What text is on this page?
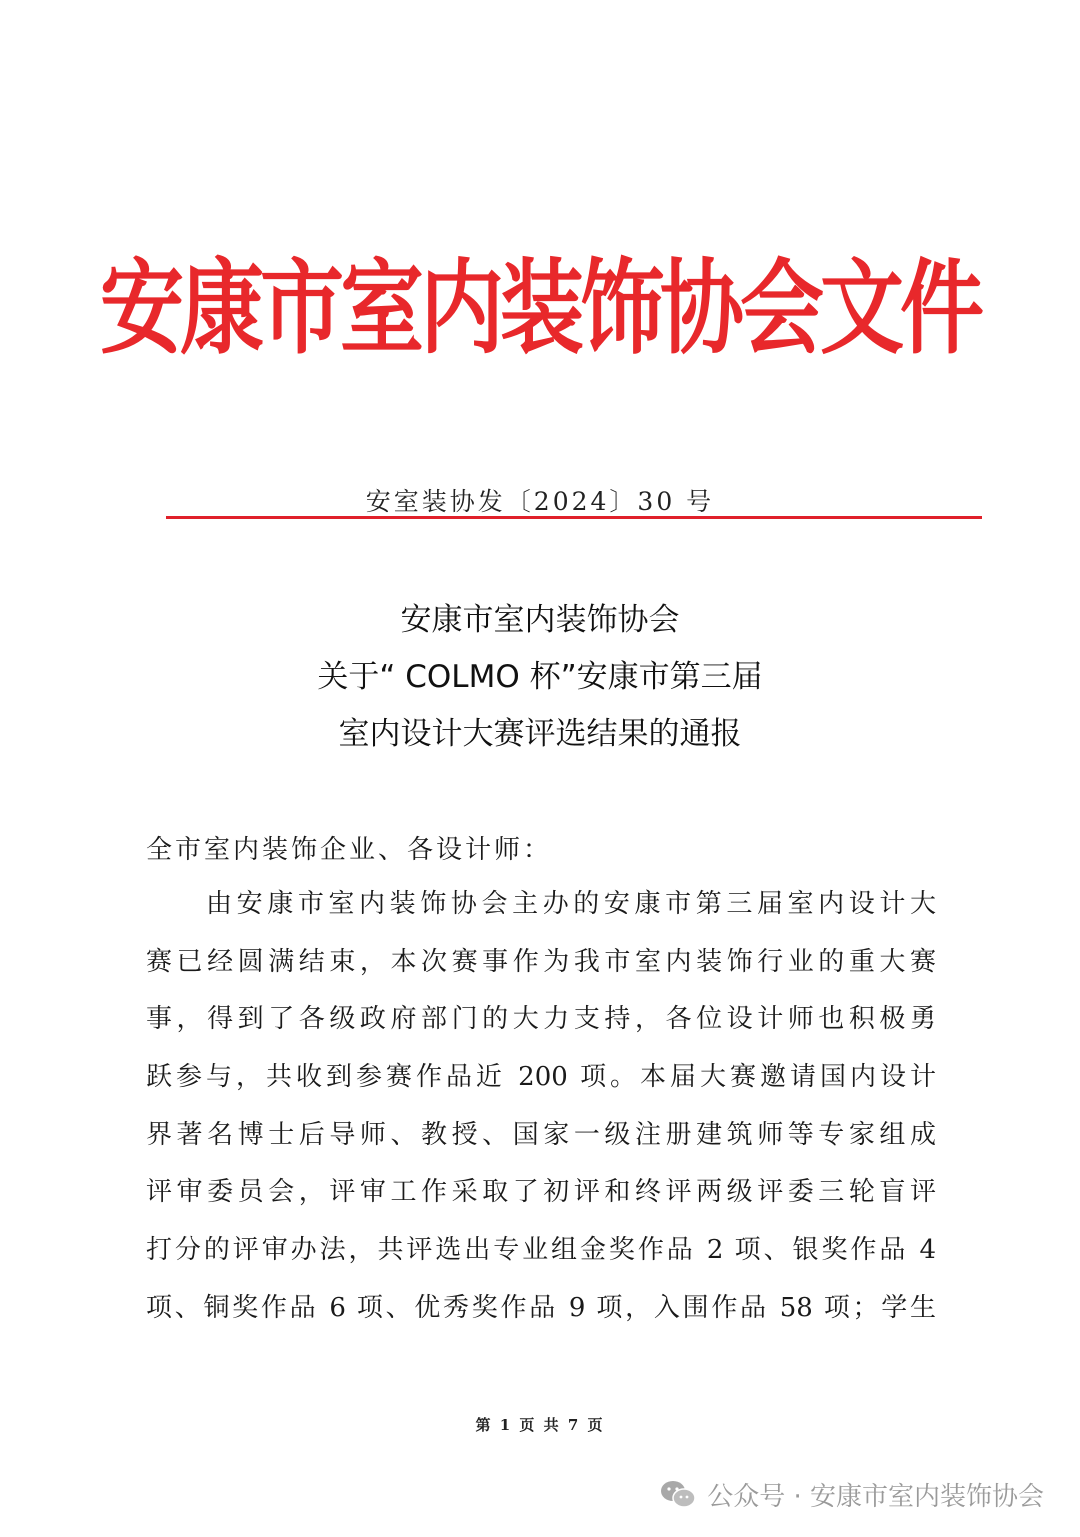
安康市室内装饰协会文件
安室装协发〔2024〕30 号
安康市室内装饰协会
关于“ COLMO 杯”安康市第三届
室内设计大赛评选结果的通报
全市室内装饰企业、各设计师：
由安康市室内装饰协会主办的安康市第三届室内设计大
赛已经圆满结束，本次赛事作为我市室内装饰行业的重大赛
事，得到了各级政府部门的大力支持，各位设计师也积极勇
跃参与，共收到参赛作品近 200 项。本届大赛邀请国内设计
界著名博士后导师、教授、国家一级注册建筑师等专家组成
评审委员会，评审工作采取了初评和终评两级评委三轮盲评
打分的评审办法，共评选出专业组金奖作品 2 项、银奖作品 4
项、铜奖作品 6 项、优秀奖作品 9 项，入围作品 58 项；学生
第 1 页 共 7 页
公众号 · 安康市室内装饰协会
